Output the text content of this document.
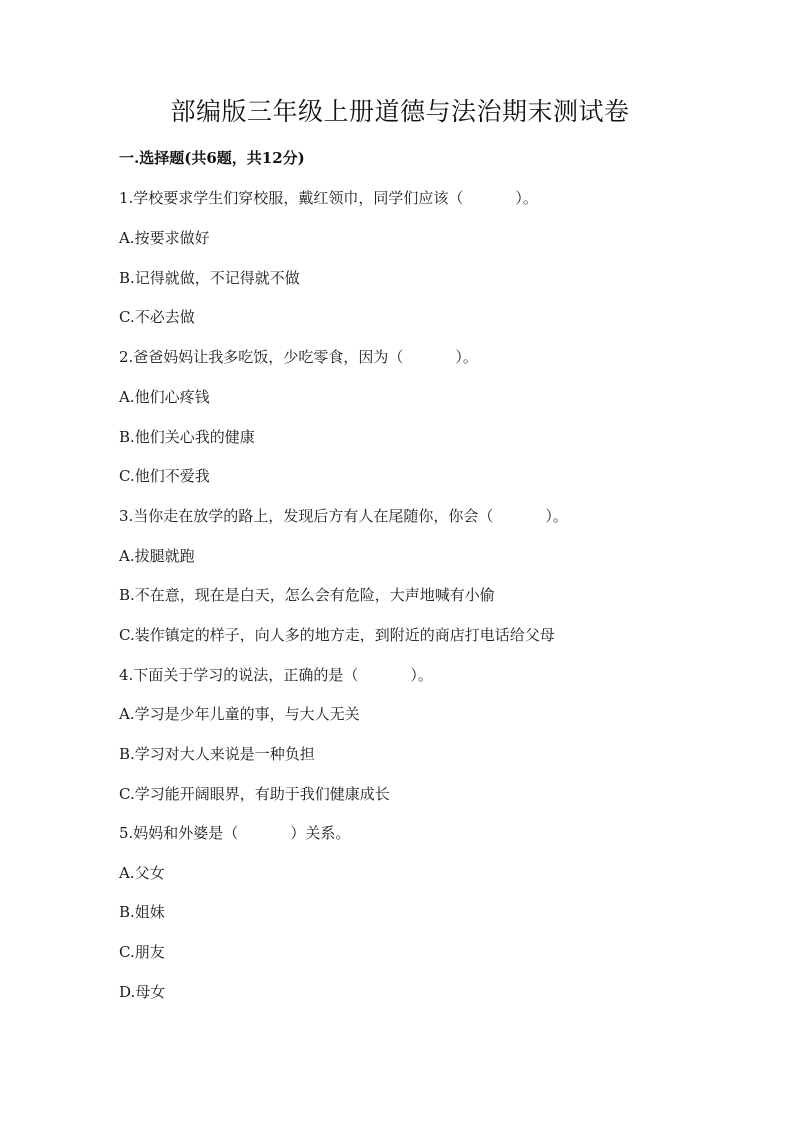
部编版三年级上册道德与法治期末测试卷
一.选择题(共6题，共12分)
1.学校要求学生们穿校服，戴红领巾，同学们应该（	）。
A.按要求做好
B.记得就做，不记得就不做
C.不必去做
2.爸爸妈妈让我多吃饭，少吃零食，因为（	）。
A.他们心疼钱
B.他们关心我的健康
C.他们不爱我
3.当你走在放学的路上，发现后方有人在尾随你，你会（	）。
A.拔腿就跑
B.不在意，现在是白天，怎么会有危险，大声地喊有小偷
C.装作镇定的样子，向人多的地方走，到附近的商店打电话给父母
4.下面关于学习的说法，正确的是（	）。
A.学习是少年儿童的事，与大人无关
B.学习对大人来说是一种负担
C.学习能开阔眼界，有助于我们健康成长
5.妈妈和外婆是（	）关系。
A.父女
B.姐妹
C.朋友
D.母女
